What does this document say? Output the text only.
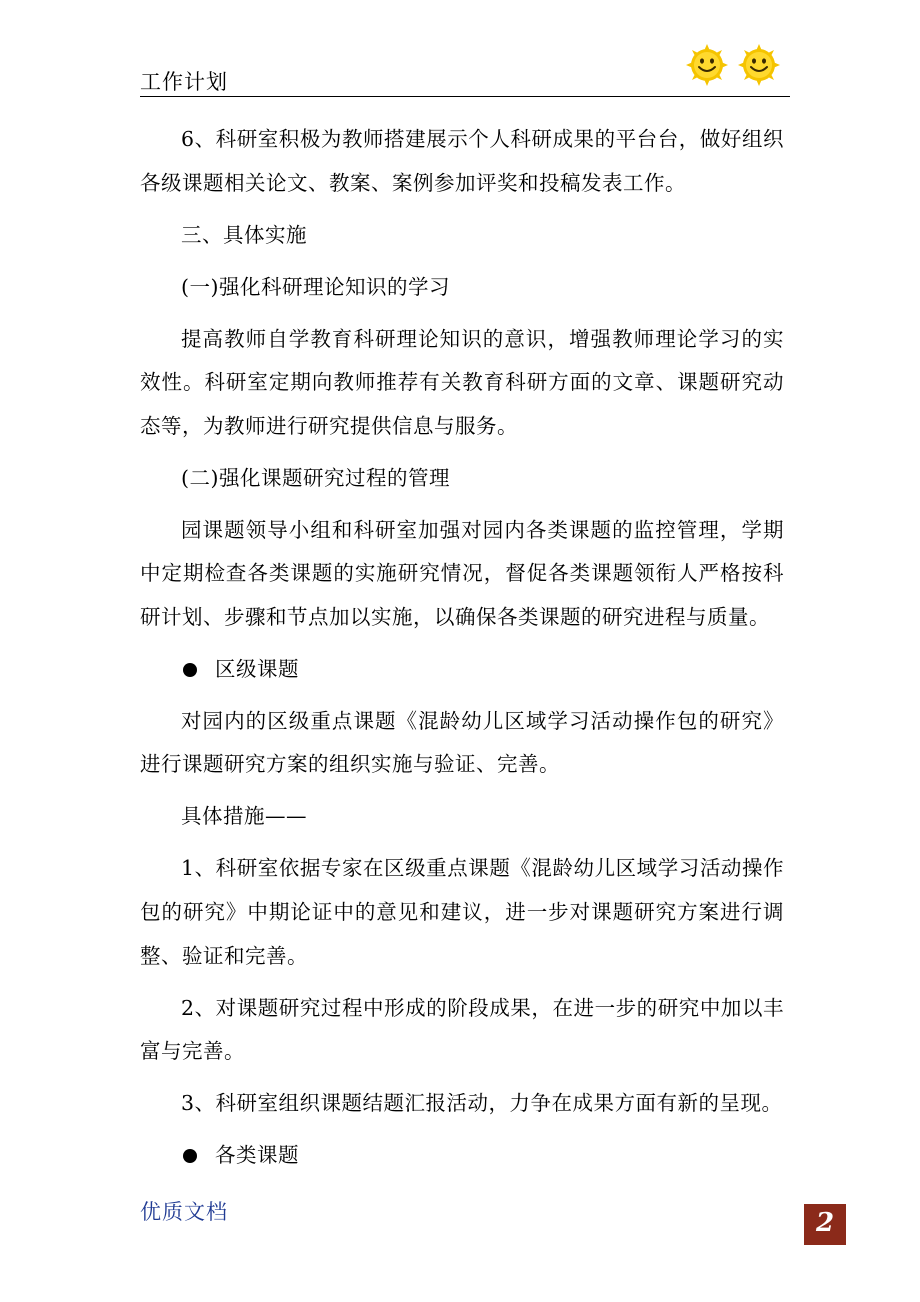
工作计划

6、科研室积极为教师搭建展示个人科研成果的平台台，做好组织各级课题相关论文、教案、案例参加评奖和投稿发表工作。

三、具体实施

(一)强化科研理论知识的学习

提高教师自学教育科研理论知识的意识，增强教师理论学习的实效性。科研室定期向教师推荐有关教育科研方面的文章、课题研究动态等，为教师进行研究提供信息与服务。

(二)强化课题研究过程的管理

园课题领导小组和科研室加强对园内各类课题的监控管理，学期中定期检查各类课题的实施研究情况，督促各类课题领衔人严格按科研计划、步骤和节点加以实施，以确保各类课题的研究进程与质量。

区级课题

对园内的区级重点课题《混龄幼儿区域学习活动操作包的研究》进行课题研究方案的组织实施与验证、完善。

具体措施——

1、科研室依据专家在区级重点课题《混龄幼儿区域学习活动操作包的研究》中期论证中的意见和建议，进一步对课题研究方案进行调整、验证和完善。

2、对课题研究过程中形成的阶段成果，在进一步的研究中加以丰富与完善。

3、科研室组织课题结题汇报活动，力争在成果方面有新的呈现。

各类课题

优质文档	2
